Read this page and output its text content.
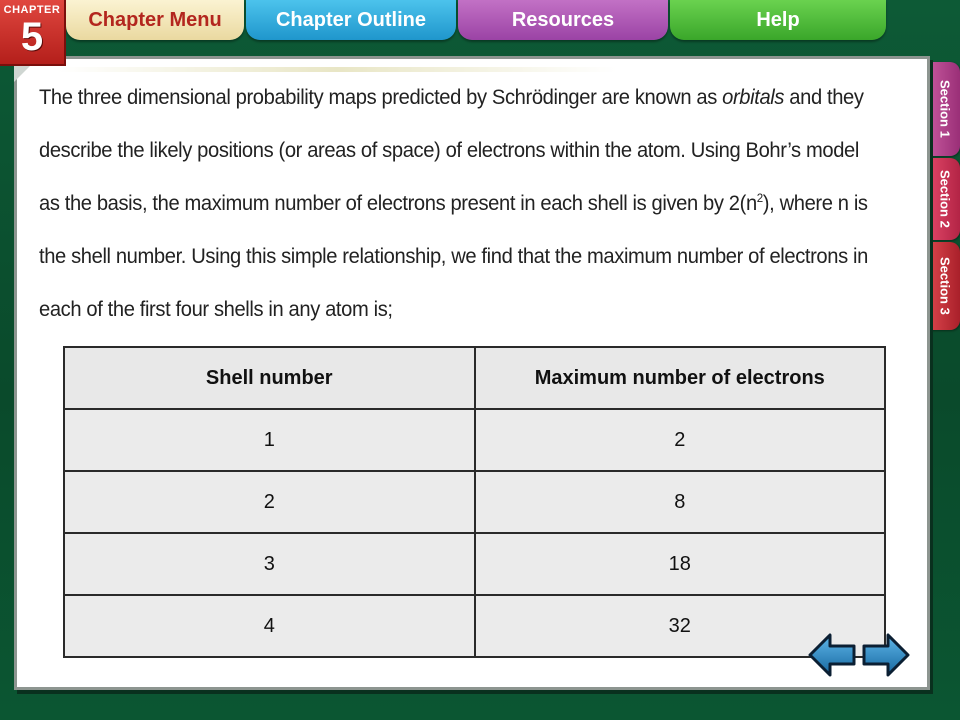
CHAPTER
5	Chapter Menu	Chapter Outline	Resources	Help
Section 1
Section 2
Section 3

The three dimensional probability maps predicted by Schrödinger are known as orbitals and they describe the likely positions (or areas of space) of electrons within the atom. Using Bohr’s model as the basis, the maximum number of electrons present in each shell is given by $2(n^2)$, where n is the shell number. Using this simple relationship, we find that the maximum number of electrons in each of the first four shells in any atom is;

Shell number	Maximum number of electrons
1	2
2	8
3	18
4	32
